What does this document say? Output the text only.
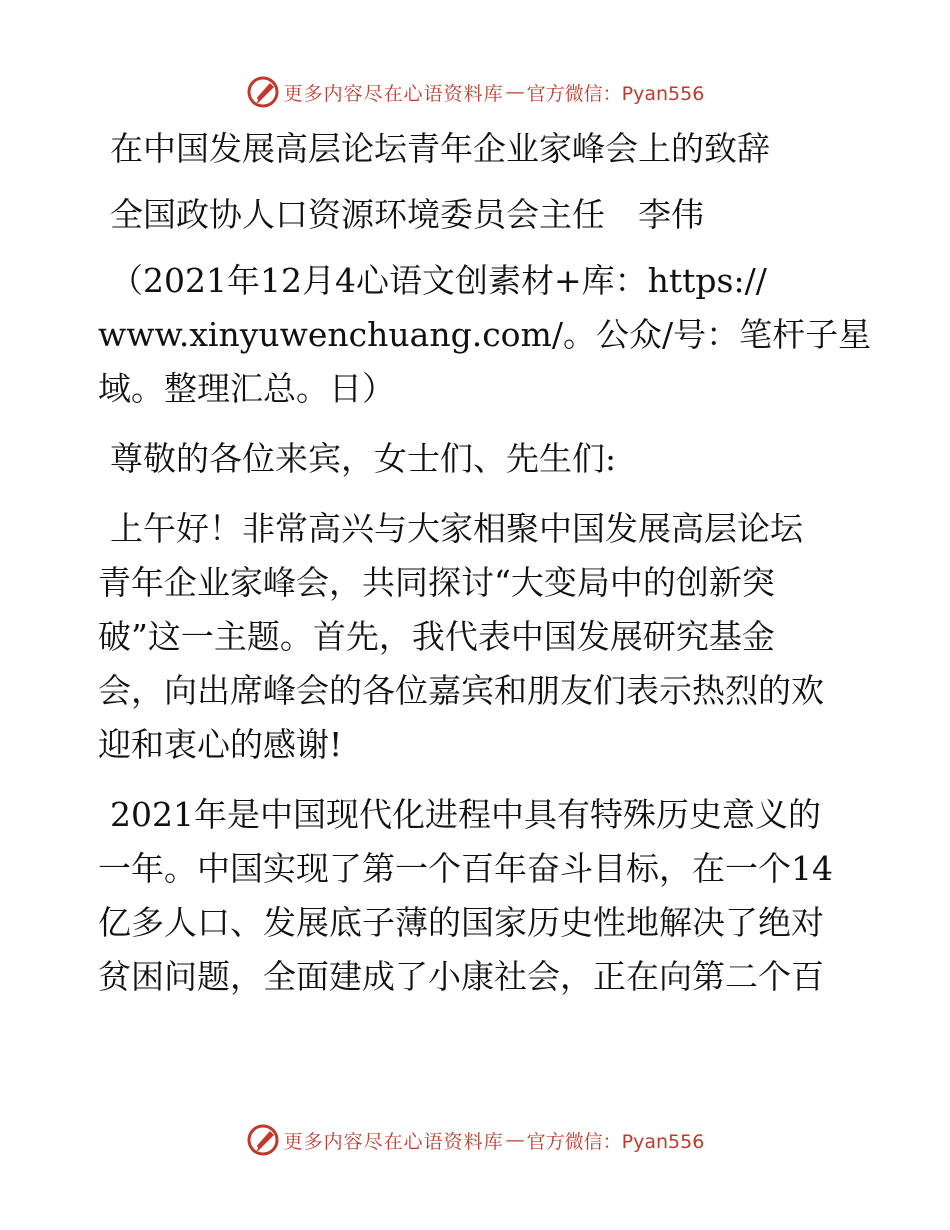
更多内容尽在心语资料库 — 官方微信：Pyan556
在中国发展高层论坛青年企业家峰会上的致辞
全国政协人口资源环境委员会主任　李伟
（2021年12月4心语文创素材+库：https://
www.xinyuwenchuang.com/。公众/号：笔杆子星
域。整理汇总。日）
尊敬的各位来宾，女士们、先生们:
上午好！非常高兴与大家相聚中国发展高层论坛
青年企业家峰会，共同探讨“大变局中的创新突
破”这一主题。首先，我代表中国发展研究基金
会，向出席峰会的各位嘉宾和朋友们表示热烈的欢
迎和衷心的感谢!
2021年是中国现代化进程中具有特殊历史意义的
一年。中国实现了第一个百年奋斗目标，在一个14
亿多人口、发展底子薄的国家历史性地解决了绝对
贫困问题，全面建成了小康社会，正在向第二个百
更多内容尽在心语资料库 — 官方微信：Pyan556
